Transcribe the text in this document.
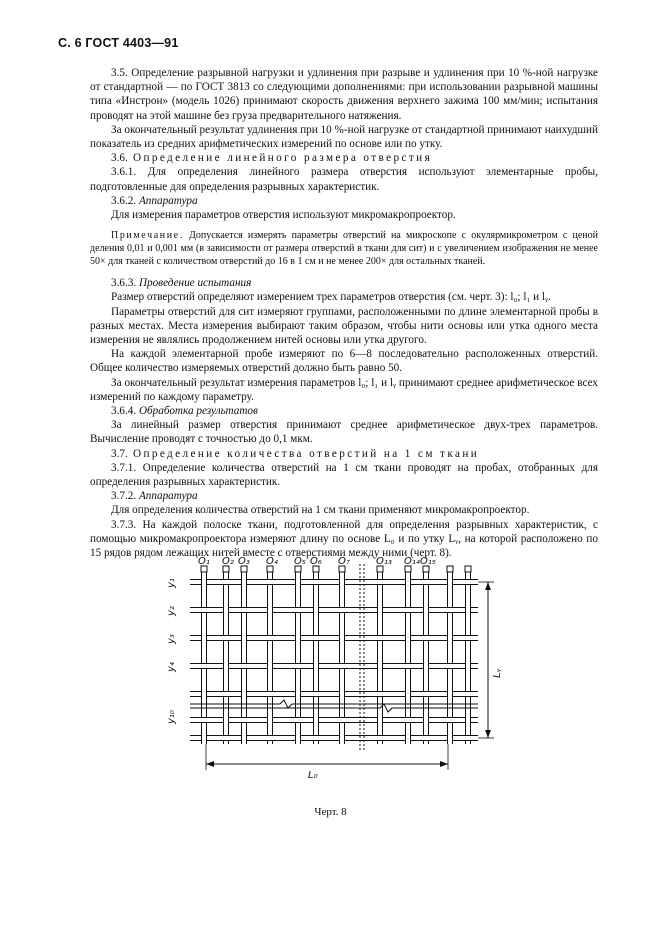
С. 6 ГОСТ 4403—91

3.5. Определение разрывной нагрузки и удлинения при разрыве и удлинения при 10 %-ной нагрузке от стандартной — по ГОСТ 3813 со следующими дополнениями: при использовании разрывной машины типа «Инстрон» (модель 1026) принимают скорость движения верхнего зажима 100 мм/мин; испытания проводят на этой машине без груза предварительного натяжения.

За окончательный результат удлинения при 10 %-ной нагрузке от стандартной принимают наихудший показатель из средних арифметических измерений по основе или по утку.

3.6. Определение линейного размера отверстия

3.6.1. Для определения линейного размера отверстия используют элементарные пробы, подготовленные для определения разрывных характеристик.

3.6.2. Аппаратура

Для измерения параметров отверстия используют микромакропроектор.

Примечание. Допускается измерять параметры отверстий на микроскопе с окулярмикрометром с ценой деления 0,01 и 0,001 мм (в зависимости от размера отверстий в ткани для сит) и с увеличением изображения не менее 50× для тканей с количеством отверстий до 16 в 1 см и не менее 200× для остальных тканей.

3.6.3. Проведение испытания

Размер отверстий определяют измерением трех параметров отверстия (см. черт. 3): l₀; l₁ и lᵧ.

Параметры отверстий для сит измеряют группами, расположенными по длине элементарной пробы в разных местах. Места измерения выбирают таким образом, чтобы нити основы или утка одного места измерения не являлись продолжением нитей основы или утка другого.

На каждой элементарной пробе измеряют по 6—8 последовательно расположенных отверстий. Общее количество измеряемых отверстий должно быть равно 50.

За окончательный результат измерения параметров l₀; l₁ и lᵧ принимают среднее арифметическое всех измерений по каждому параметру.

3.6.4. Обработка результатов

За линейный размер отверстия принимают среднее арифметическое двух-трех параметров. Вычисление проводят с точностью до 0,1 мкм.

3.7. Определение количества отверстий на 1 см ткани

3.7.1. Определение количества отверстий на 1 см ткани проводят на пробах, отобранных для определения разрывных характеристик.

3.7.2. Аппаратура

Для определения количества отверстий на 1 см ткани применяют микромакропроектор.

3.7.3. На каждой полоске ткани, подготовленной для определения разрывных характеристик, с помощью микромакропроектора измеряют длину по основе L₀ и по утку Lᵧ, на которой расположено по 15 рядов рядом лежащих нитей вместе с отверстиями между ними (черт. 8).

O₁ O₂ O₃ O₄ O₅ O₆ O₇	O₁₃ O₁₄ O₁₅
y₁
y₂
y₃
y₄
y₁₀
L₀
Lᵧ
Черт. 8
